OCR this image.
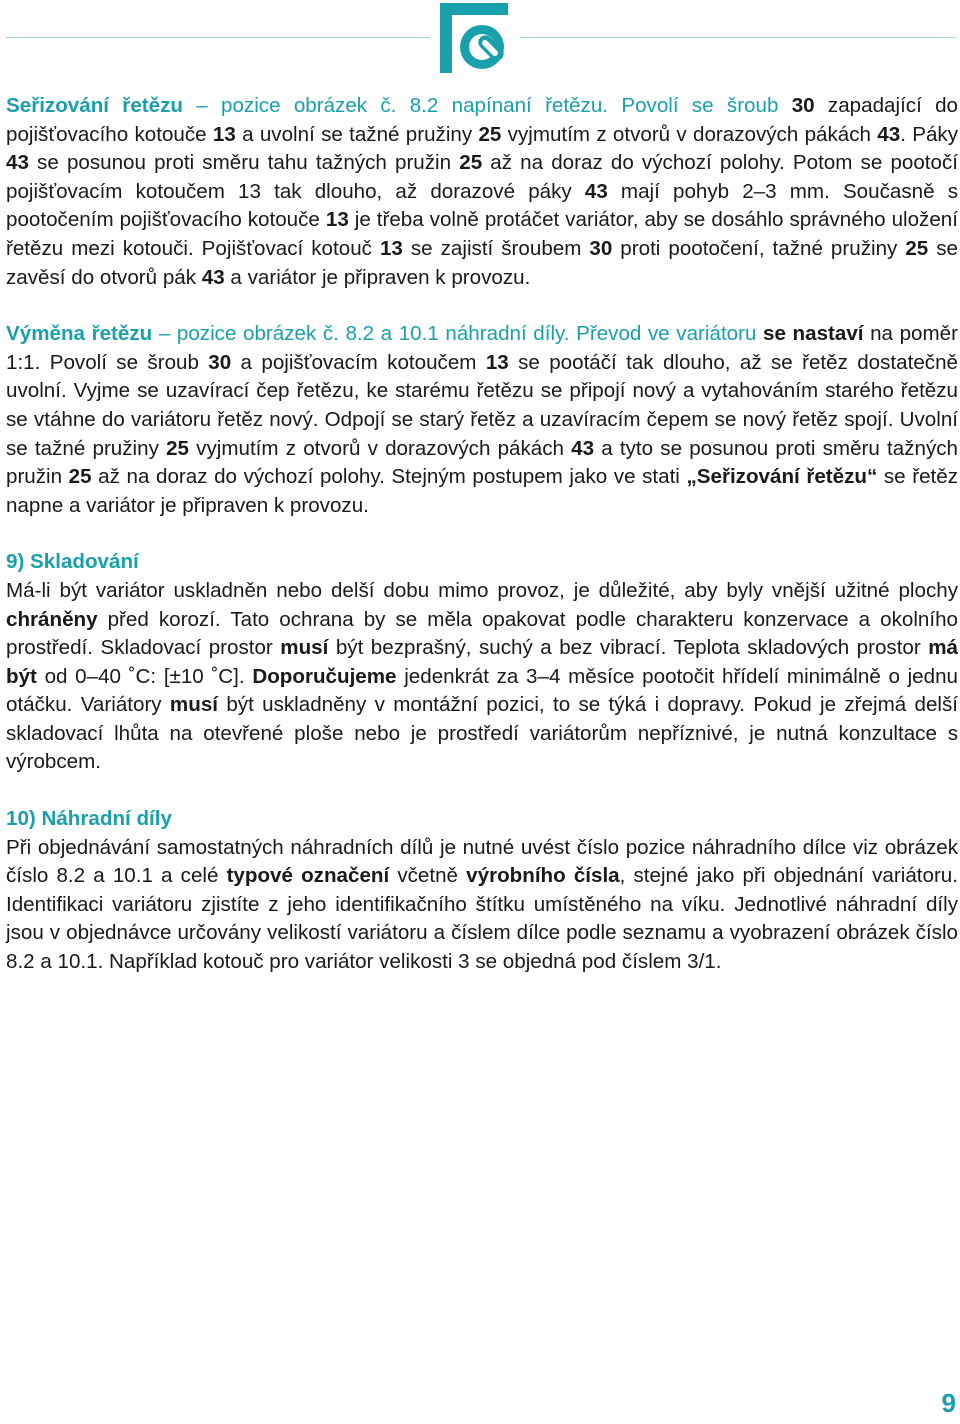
Seřizování řetězu – pozice obrázek č. 8.2 napínaní řetězu. Povolí se šroub 30 zapadající do pojišťovacího kotouče 13 a uvolní se tažné pružiny 25 vyjmutím z otvorů v dorazových pákách 43. Páky 43 se posunou proti směru tahu tažných pružin 25 až na doraz do výchozí polohy. Potom se pootočí pojišťovacím kotoučem 13 tak dlouho, až dorazové páky 43 mají pohyb 2–3 mm. Současně s pootočením pojišťovacího kotouče 13 je třeba volně protáčet variátor, aby se dosáhlo správného uložení řetězu mezi kotouči. Pojišťovací kotouč 13 se zajistí šroubem 30 proti pootočení, tažné pružiny 25 se zavěsí do otvorů pák 43 a variátor je připraven k provozu.

Výměna řetězu – pozice obrázek č. 8.2 a 10.1 náhradní díly. Převod ve variátoru se nastaví na poměr 1:1. Povolí se šroub 30 a pojišťovacím kotoučem 13 se pootáčí tak dlouho, až se řetěz dostatečně uvolní. Vyjme se uzavírací čep řetězu, ke starému řetězu se připojí nový a vytahováním starého řetězu se vtáhne do variátoru řetěz nový. Odpojí se starý řetěz a uzavíracím čepem se nový řetěz spojí. Uvolní se tažné pružiny 25 vyjmutím z otvorů v dorazových pákách 43 a tyto se posunou proti směru tažných pružin 25 až na doraz do výchozí polohy. Stejným postupem jako ve stati „Seřizování řetězu“ se řetěz napne a variátor je připraven k provozu.

9) Skladování

Má-li být variátor uskladněn nebo delší dobu mimo provoz, je důležité, aby byly vnější užitné plochy chráněny před korozí. Tato ochrana by se měla opakovat podle charakteru konzervace a okolního prostředí. Skladovací prostor musí být bezprašný, suchý a bez vibrací. Teplota skladových prostor má být od 0–40 ˚C: [±10 ˚C]. Doporučujeme jedenkrát za 3–4 měsíce pootočit hřídelí minimálně o jednu otáčku. Variátory musí být uskladněny v montážní pozici, to se týká i dopravy. Pokud je zřejmá delší skladovací lhůta na otevřené ploše nebo je prostředí variátorům nepříznivé, je nutná konzultace s výrobcem.

10) Náhradní díly

Při objednávání samostatných náhradních dílů je nutné uvést číslo pozice náhradního dílce viz obrázek číslo 8.2 a 10.1 a celé typové označení včetně výrobního čísla, stejné jako při objednání variátoru. Identifikaci variátoru zjistíte z jeho identifikačního štítku umístěného na víku. Jednotlivé náhradní díly jsou v objednávce určovány velikostí variátoru a číslem dílce podle seznamu a vyobrazení obrázek číslo 8.2 a 10.1. Například kotouč pro variátor velikosti 3 se objedná pod číslem 3/1.

9
